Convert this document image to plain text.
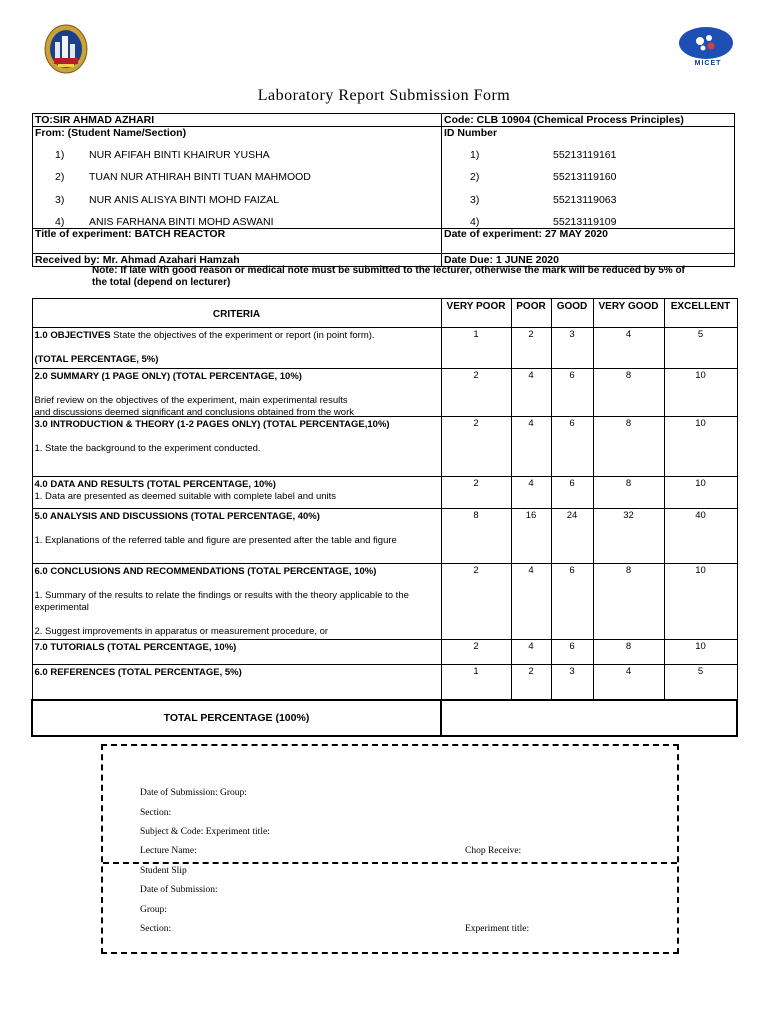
MICET
Laboratory Report Submission Form
TO:SIR AHMAD AZHARI	Code: CLB 10904 (Chemical Process Principles)
From: (Student Name/Section)	ID Number
1) NUR AFIFAH BINTI KHAIRUR YUSHA	1)	55213119161
2) TUAN NUR ATHIRAH BINTI TUAN MAHMOOD	2)	55213119160
3) NUR ANIS ALISYA BINTI MOHD FAIZAL	3)	55213119063
4) ANIS FARHANA BINTI MOHD ASWANI	4)	55213119109
Title of experiment: BATCH REACTOR	Date of experiment: 27 MAY 2020
Received by: Mr. Ahmad Azahari Hamzah	Date Due: 1 JUNE 2020
Note: If late with good reason or medical note must be submitted to the lecturer, otherwise the mark will be reduced by 5% of the total (depend on lecturer)
CRITERIA	VERY POOR	POOR	GOOD	VERY GOOD	EXCELLENT

1.0 OBJECTIVES State the objectives of the experiment or report (in point form).
(TOTAL PERCENTAGE, 5%)	1	2	3	4	5

2.0 SUMMARY (1 PAGE ONLY) (TOTAL PERCENTAGE, 10%)
Brief review on the objectives of the experiment, main experimental results
and discussions deemed significant and conclusions obtained from the work	2	4	6	8	10

3.0 INTRODUCTION & THEORY (1-2 PAGES ONLY) (TOTAL PERCENTAGE,10%)
1. State the background to the experiment conducted.	2	4	6	8	10

4.0 DATA AND RESULTS (TOTAL PERCENTAGE, 10%)
1. Data are presented as deemed suitable with complete label and units	2	4	6	8	10

5.0 ANALYSIS AND DISCUSSIONS (TOTAL PERCENTAGE, 40%)
1. Explanations of the referred table and figure are presented after the table and figure	8	16	24	32	40

6.0 CONCLUSIONS AND RECOMMENDATIONS (TOTAL PERCENTAGE, 10%)
1. Summary of the results to relate the findings or results with the theory applicable to the experimental
2. Suggest improvements in apparatus or measurement procedure, or	2	4	6	8	10

7.0 TUTORIALS (TOTAL PERCENTAGE, 10%)	2	4	6	8	10

6.0 REFERENCES (TOTAL PERCENTAGE, 5%)	1	2	3	4	5
TOTAL PERCENTAGE (100%)					
Date of Submission: Group:
Section:
Subject & Code: Experiment title:
Lecture Name:	Chop Receive:
Student Slip
Date of Submission:
Group:
Section:	Experiment title:
